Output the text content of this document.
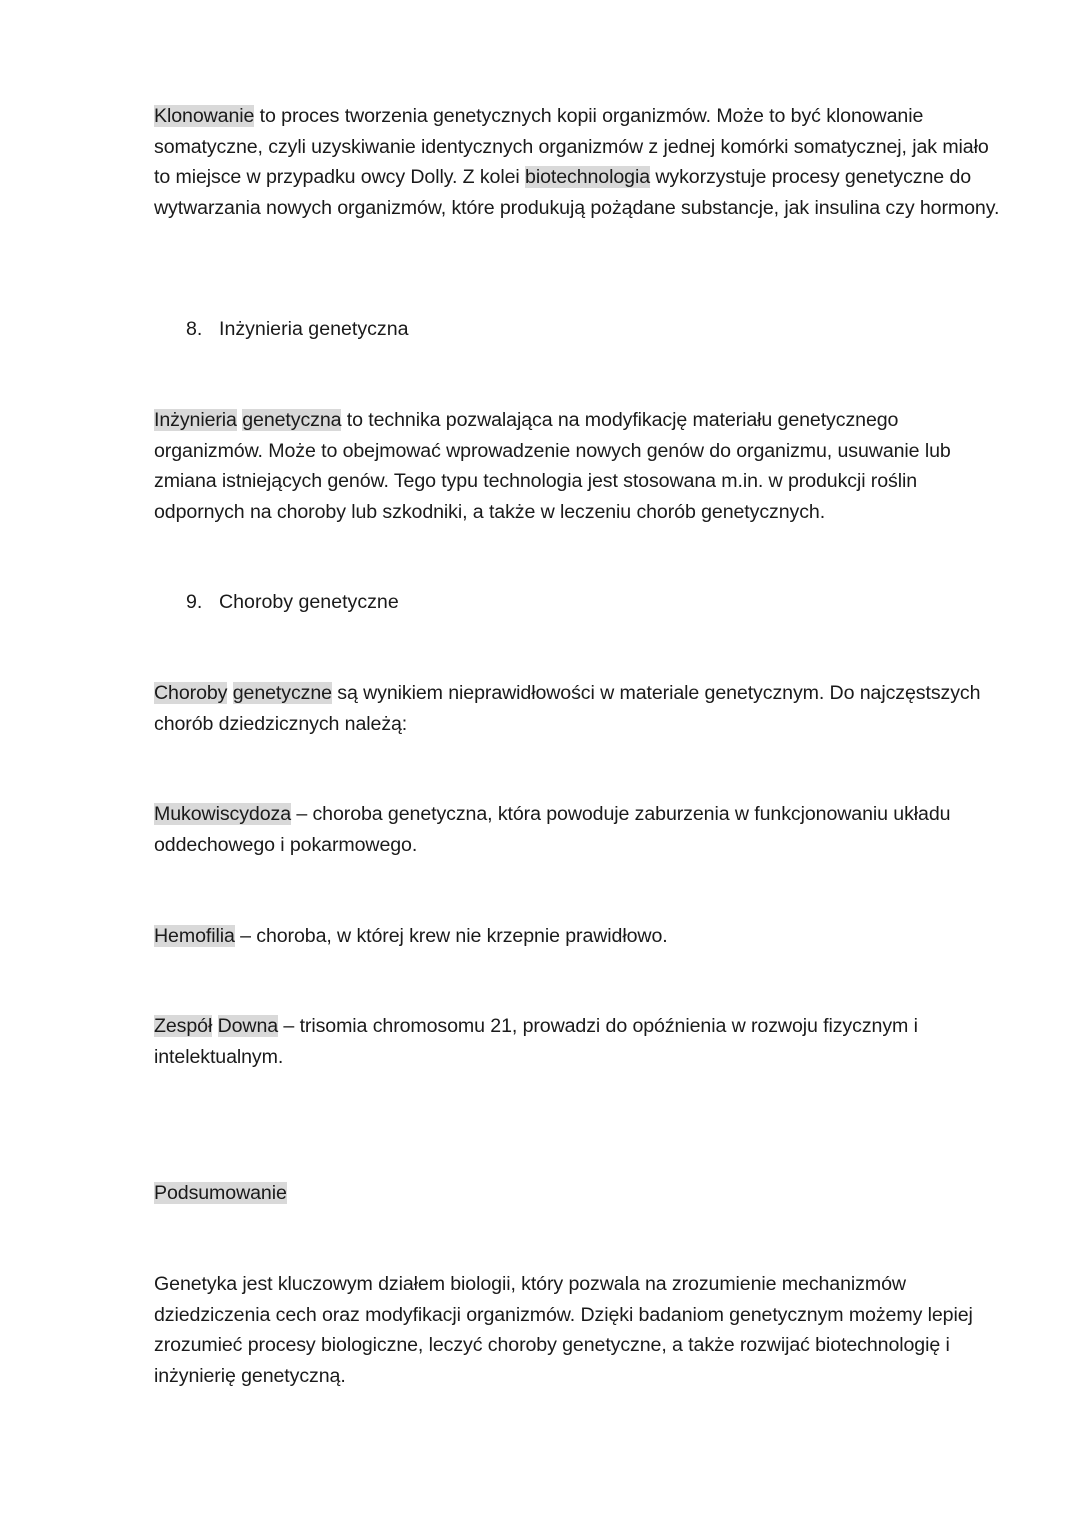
Klonowanie to proces tworzenia genetycznych kopii organizmów. Może to być klonowanie somatyczne, czyli uzyskiwanie identycznych organizmów z jednej komórki somatycznej, jak miało to miejsce w przypadku owcy Dolly. Z kolei biotechnologia wykorzystuje procesy genetyczne do wytwarzania nowych organizmów, które produkują pożądane substancje, jak insulina czy hormony.

8. Inżynieria genetyczna

Inżynieria genetyczna to technika pozwalająca na modyfikację materiału genetycznego organizmów. Może to obejmować wprowadzenie nowych genów do organizmu, usuwanie lub zmiana istniejących genów. Tego typu technologia jest stosowana m.in. w produkcji roślin odpornych na choroby lub szkodniki, a także w leczeniu chorób genetycznych.

9. Choroby genetyczne

Choroby genetyczne są wynikiem nieprawidłowości w materiale genetycznym. Do najczęstszych chorób dziedzicznych należą:

Mukowiscydoza – choroba genetyczna, która powoduje zaburzenia w funkcjonowaniu układu oddechowego i pokarmowego.

Hemofilia – choroba, w której krew nie krzepnie prawidłowo.

Zespół Downa – trisomia chromosomu 21, prowadzi do opóźnienia w rozwoju fizycznym i intelektualnym.

Podsumowanie

Genetyka jest kluczowym działem biologii, który pozwala na zrozumienie mechanizmów dziedziczenia cech oraz modyfikacji organizmów. Dzięki badaniom genetycznym możemy lepiej zrozumieć procesy biologiczne, leczyć choroby genetyczne, a także rozwijać biotechnologię i inżynierię genetyczną.
